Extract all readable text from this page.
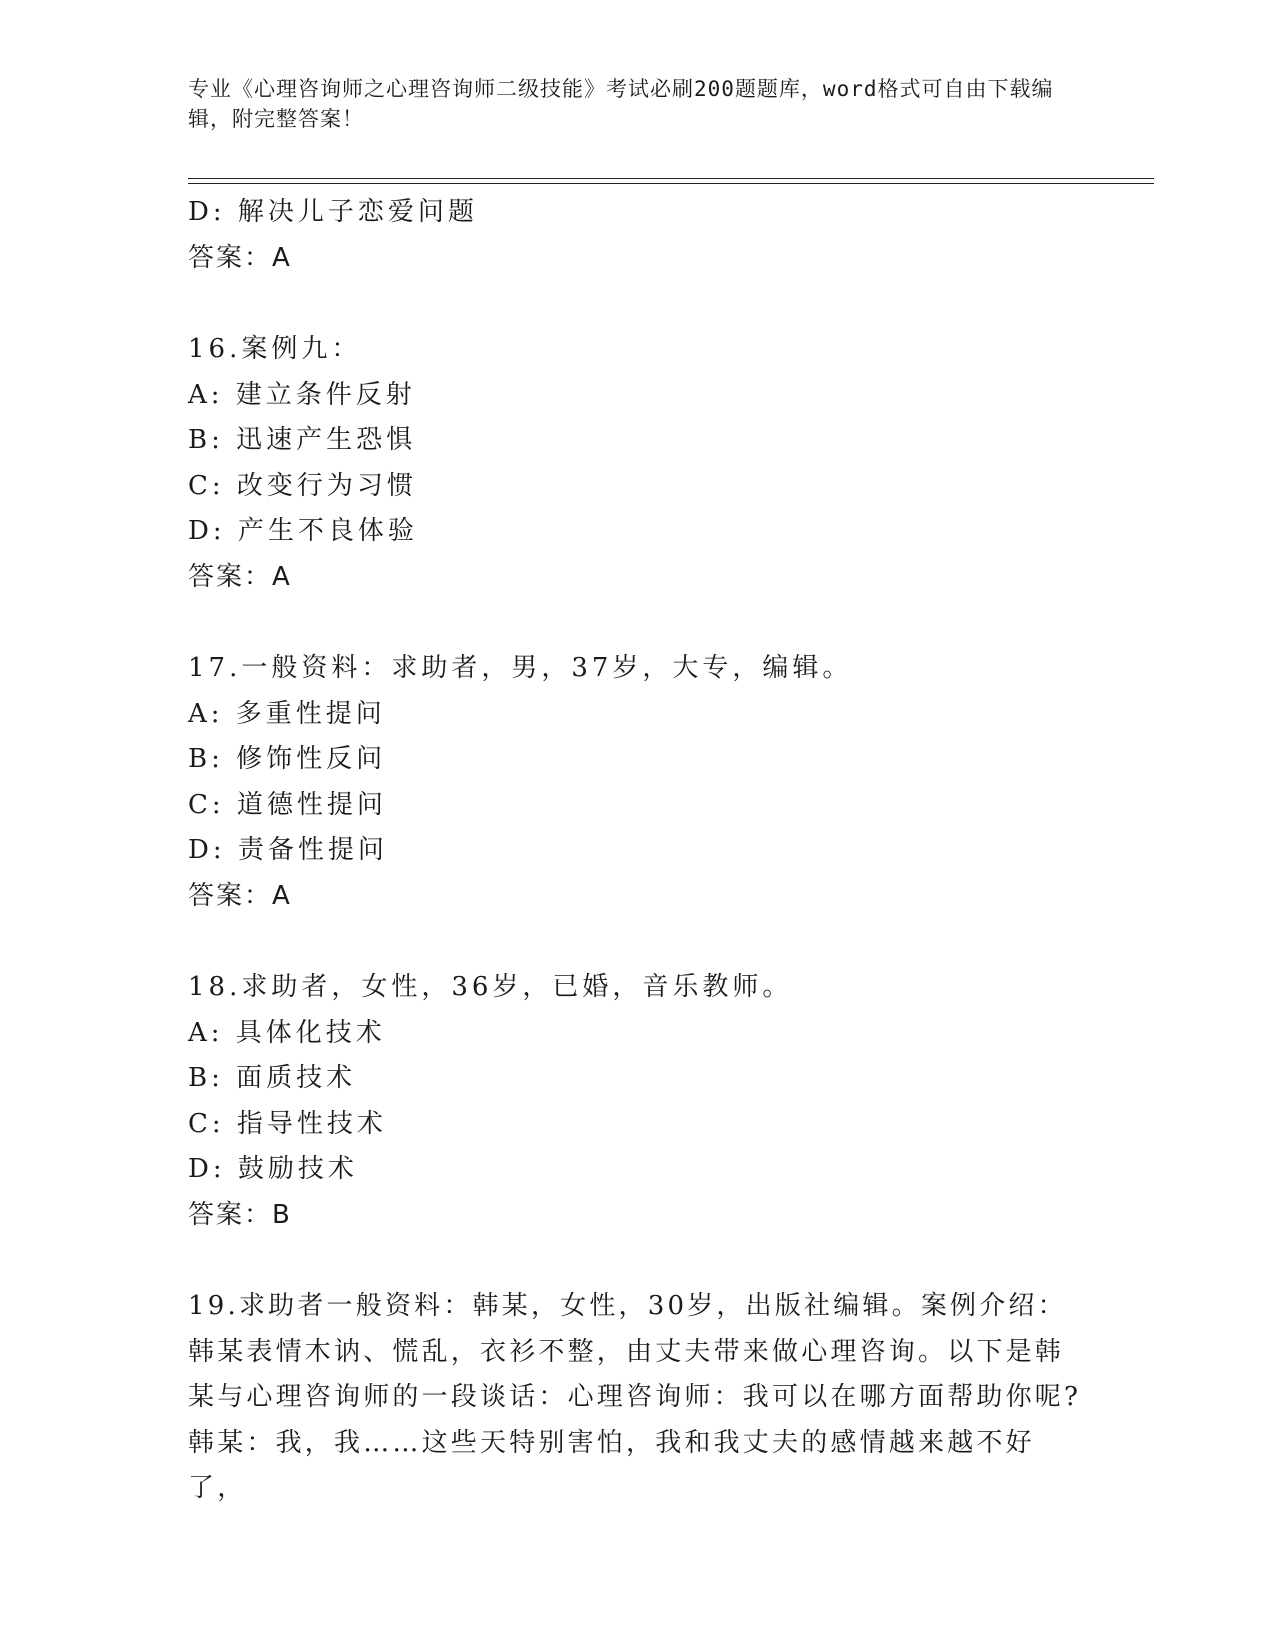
专业《心理咨询师之心理咨询师二级技能》考试必刷200题题库，word格式可自由下载编辑，附完整答案！
D: 解决儿子恋爱问题
答案：A
16.案例九：
A: 建立条件反射
B: 迅速产生恐惧
C: 改变行为习惯
D: 产生不良体验
答案：A
17.一般资料：求助者，男，37岁，大专，编辑。
A: 多重性提问
B: 修饰性反问
C: 道德性提问
D: 责备性提问
答案：A
18.求助者，女性，36岁，已婚，音乐教师。
A: 具体化技术
B: 面质技术
C: 指导性技术
D: 鼓励技术
答案：B
19.求助者一般资料：韩某，女性，30岁，出版社编辑。案例介绍：韩某表情木讷、慌乱，衣衫不整，由丈夫带来做心理咨询。以下是韩某与心理咨询师的一段谈话：心理咨询师：我可以在哪方面帮助你呢?韩某：我，我……这些天特别害怕，我和我丈夫的感情越来越不好了，
